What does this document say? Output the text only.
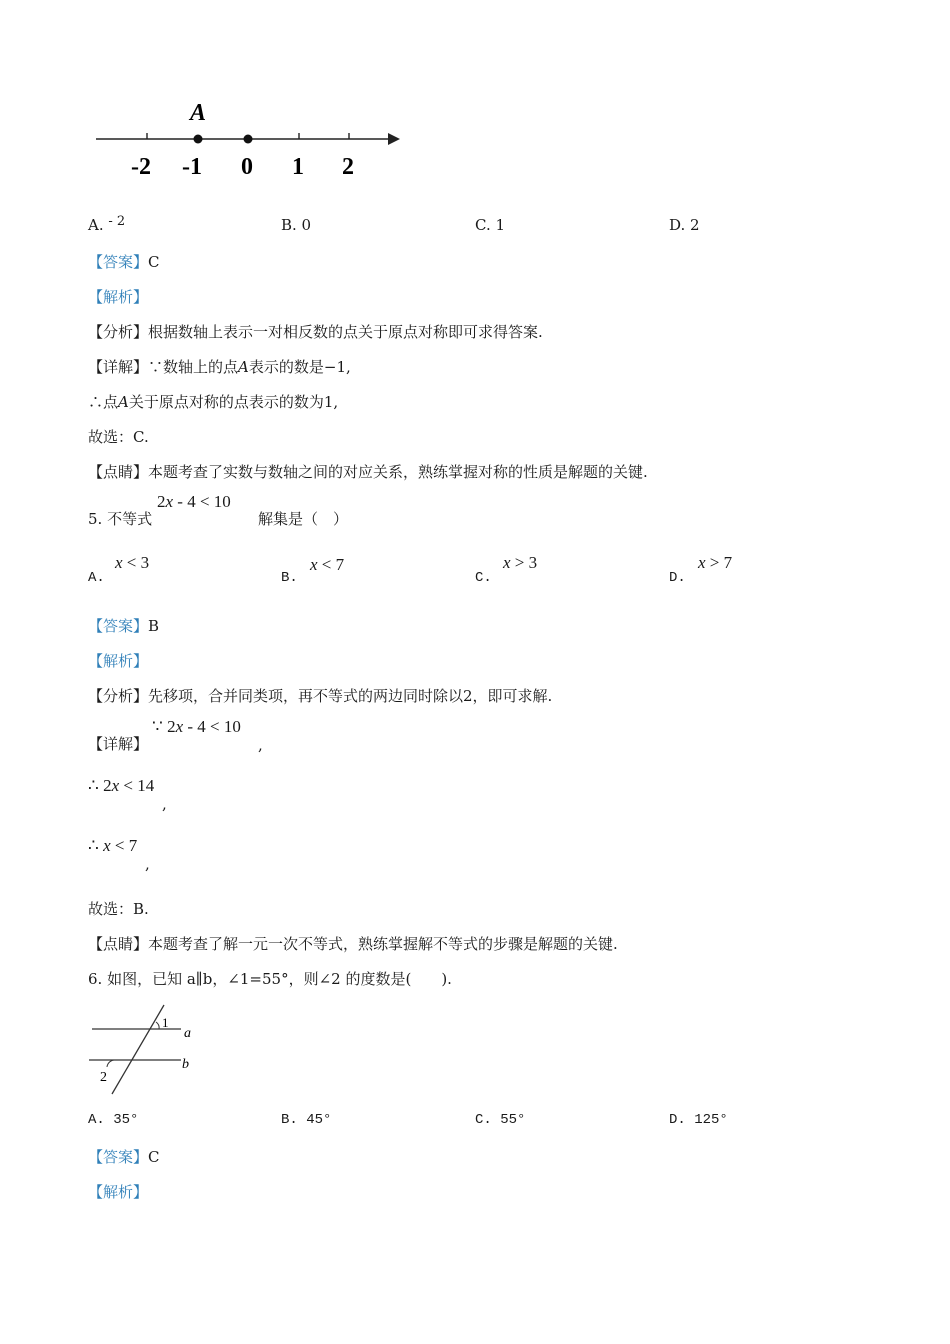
A
-2 -1 0 1 2
A. - 2	B. 0	C. 1	D. 2
【答案】C
【解析】
【分析】根据数轴上表示一对相反数的点关于原点对称即可求得答案.
【详解】∵数轴上的点A表示的数是−1,
∴点A关于原点对称的点表示的数为1,
故选：C.
【点睛】本题考查了实数与数轴之间的对应关系，熟练掌握对称的性质是解题的关键.
5. 不等式
2x - 4 < 10
解集是（　）
A.
x < 3
B.
x < 7
C.
x > 3
D.
x > 7
【答案】B
【解析】
【分析】先移项，合并同类项，再不等式的两边同时除以2，即可求解.
【详解】
∵ 2x - 4 < 10
,
∴ 2x < 14
,
∴ x < 7
,
故选：B.
【点睛】本题考查了解一元一次不等式，熟练掌握解不等式的步骤是解题的关键.
6. 如图，已知 a∥b，∠1=55°，则∠2 的度数是(　　).
1
2
a
b
A. 35°	B. 45°	C. 55°	D. 125°
【答案】C
【解析】
